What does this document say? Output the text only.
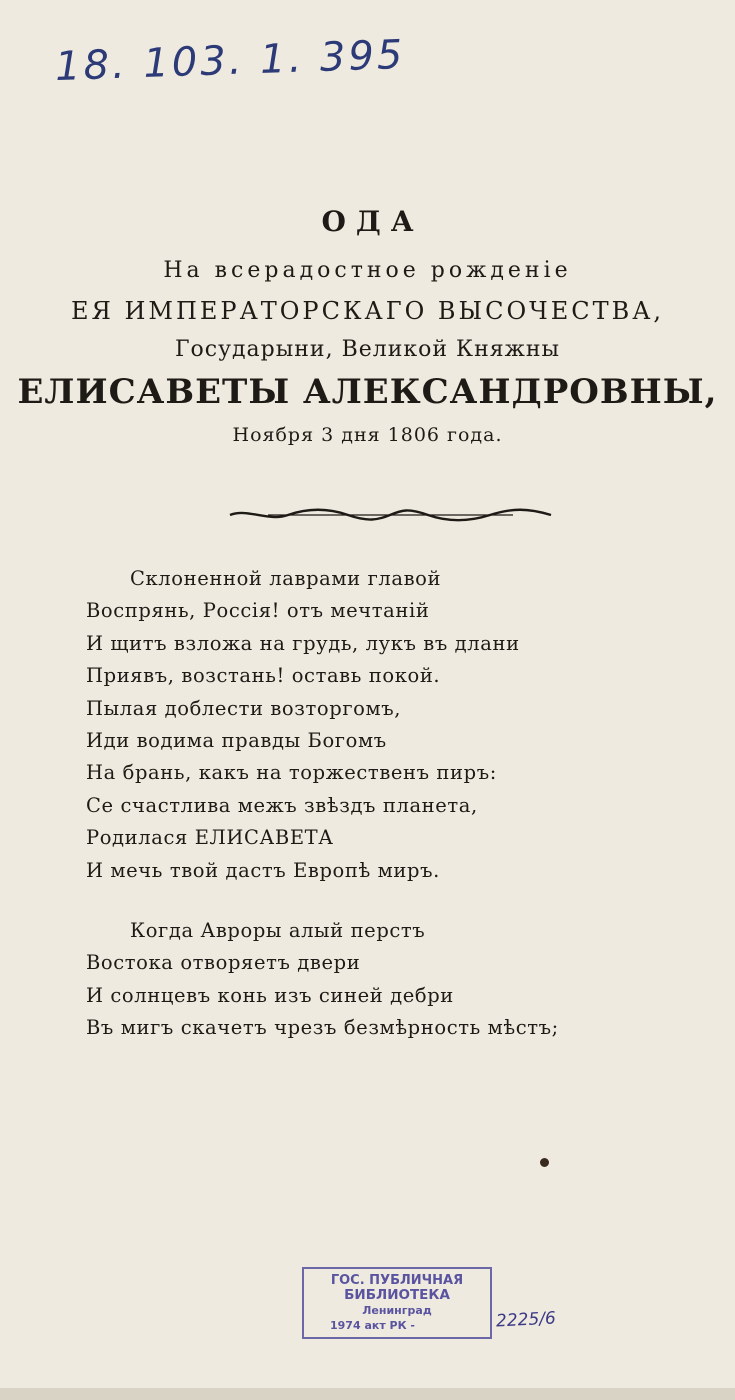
18. 103. 1. 395
ОДА
На всерадостное рожденіе
ЕЯ ИМПЕРАТОРСКАГО ВЫСОЧЕСТВА,
Государыни, Великой Княжны
ЕЛИСАВЕТЫ АЛЕКСАНДРОВНЫ,
Ноября 3 дня 1806 года.
Склоненной лаврами главой
Воспрянь, Россія! отъ мечтаній
И щитъ взложа на грудь, лукъ въ длани
Приявъ, возстань! оставь покой.
Пылая доблести возторгомъ,
Иди водима правды Богомъ
На брань, какъ на торжественъ пиръ:
Се счастлива межъ звѣздъ планета,
Родилася ЕЛИСАВЕТА
И мечь твой дастъ Европѣ миръ.
Когда Авроры алый перстъ
Востока отворяетъ двери
И солнцевъ конь изъ синей дебри
Въ мигъ скачетъ чрезъ безмѣрность мѣстъ;
ГОС. ПУБЛИЧНАЯ
БИБЛИОТЕКА
Ленинград
1974 акт РК -	2225/6
